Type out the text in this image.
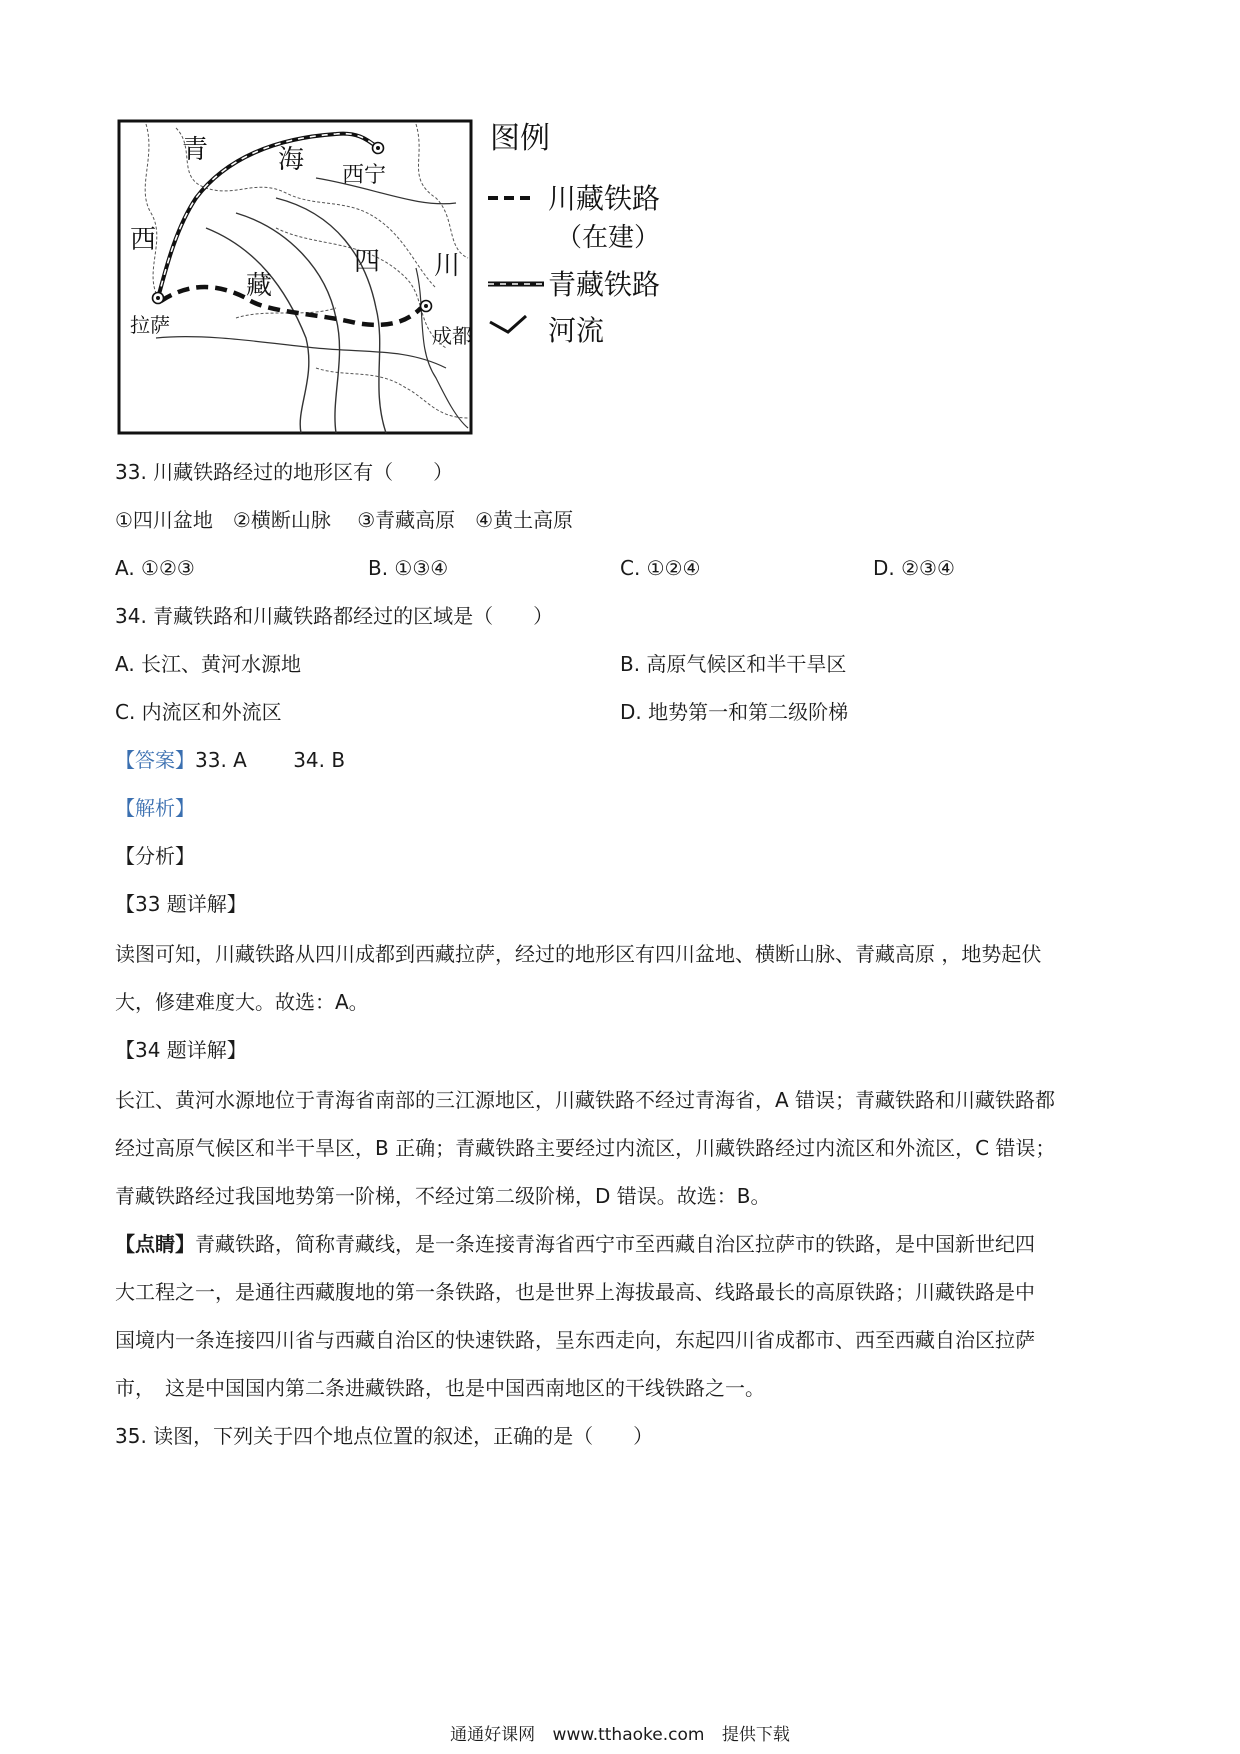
青	海
西宁
西
藏
拉萨
四 川
成都
图例
川藏铁路
（在建）
青藏铁路
河流
33. 川藏铁路经过的地形区有（　　）
①四川盆地　②横断山脉　 ③青藏高原　④黄土高原
A. ①②③	B. ①③④	C. ①②④	D. ②③④
34. 青藏铁路和川藏铁路都经过的区域是（　　）
A. 长江、黄河水源地	B. 高原气候区和半干旱区
C. 内流区和外流区	D. 地势第一和第二级阶梯
【答案】33. A　　 34. B
【解析】
【分析】
【33 题详解】
读图可知，川藏铁路从四川成都到西藏拉萨，经过的地形区有四川盆地、横断山脉、青藏高原 ，地势起伏
大，修建难度大。故选：A。
【34 题详解】
长江、黄河水源地位于青海省南部的三江源地区，川藏铁路不经过青海省，A 错误；青藏铁路和川藏铁路都
经过高原气候区和半干旱区，B 正确；青藏铁路主要经过内流区，川藏铁路经过内流区和外流区，C 错误；
青藏铁路经过我国地势第一阶梯，不经过第二级阶梯，D 错误。故选：B。
【点睛】青藏铁路，简称青藏线，是一条连接青海省西宁市至西藏自治区拉萨市的铁路，是中国新世纪四
大工程之一，是通往西藏腹地的第一条铁路，也是世界上海拔最高、线路最长的高原铁路；川藏铁路是中
国境内一条连接四川省与西藏自治区的快速铁路，呈东西走向，东起四川省成都市、西至西藏自治区拉萨
市，　这是中国国内第二条进藏铁路，也是中国西南地区的干线铁路之一。
35. 读图，下列关于四个地点位置的叙述，正确的是（　　）
通通好课网 www.tthaoke.com 提供下载
